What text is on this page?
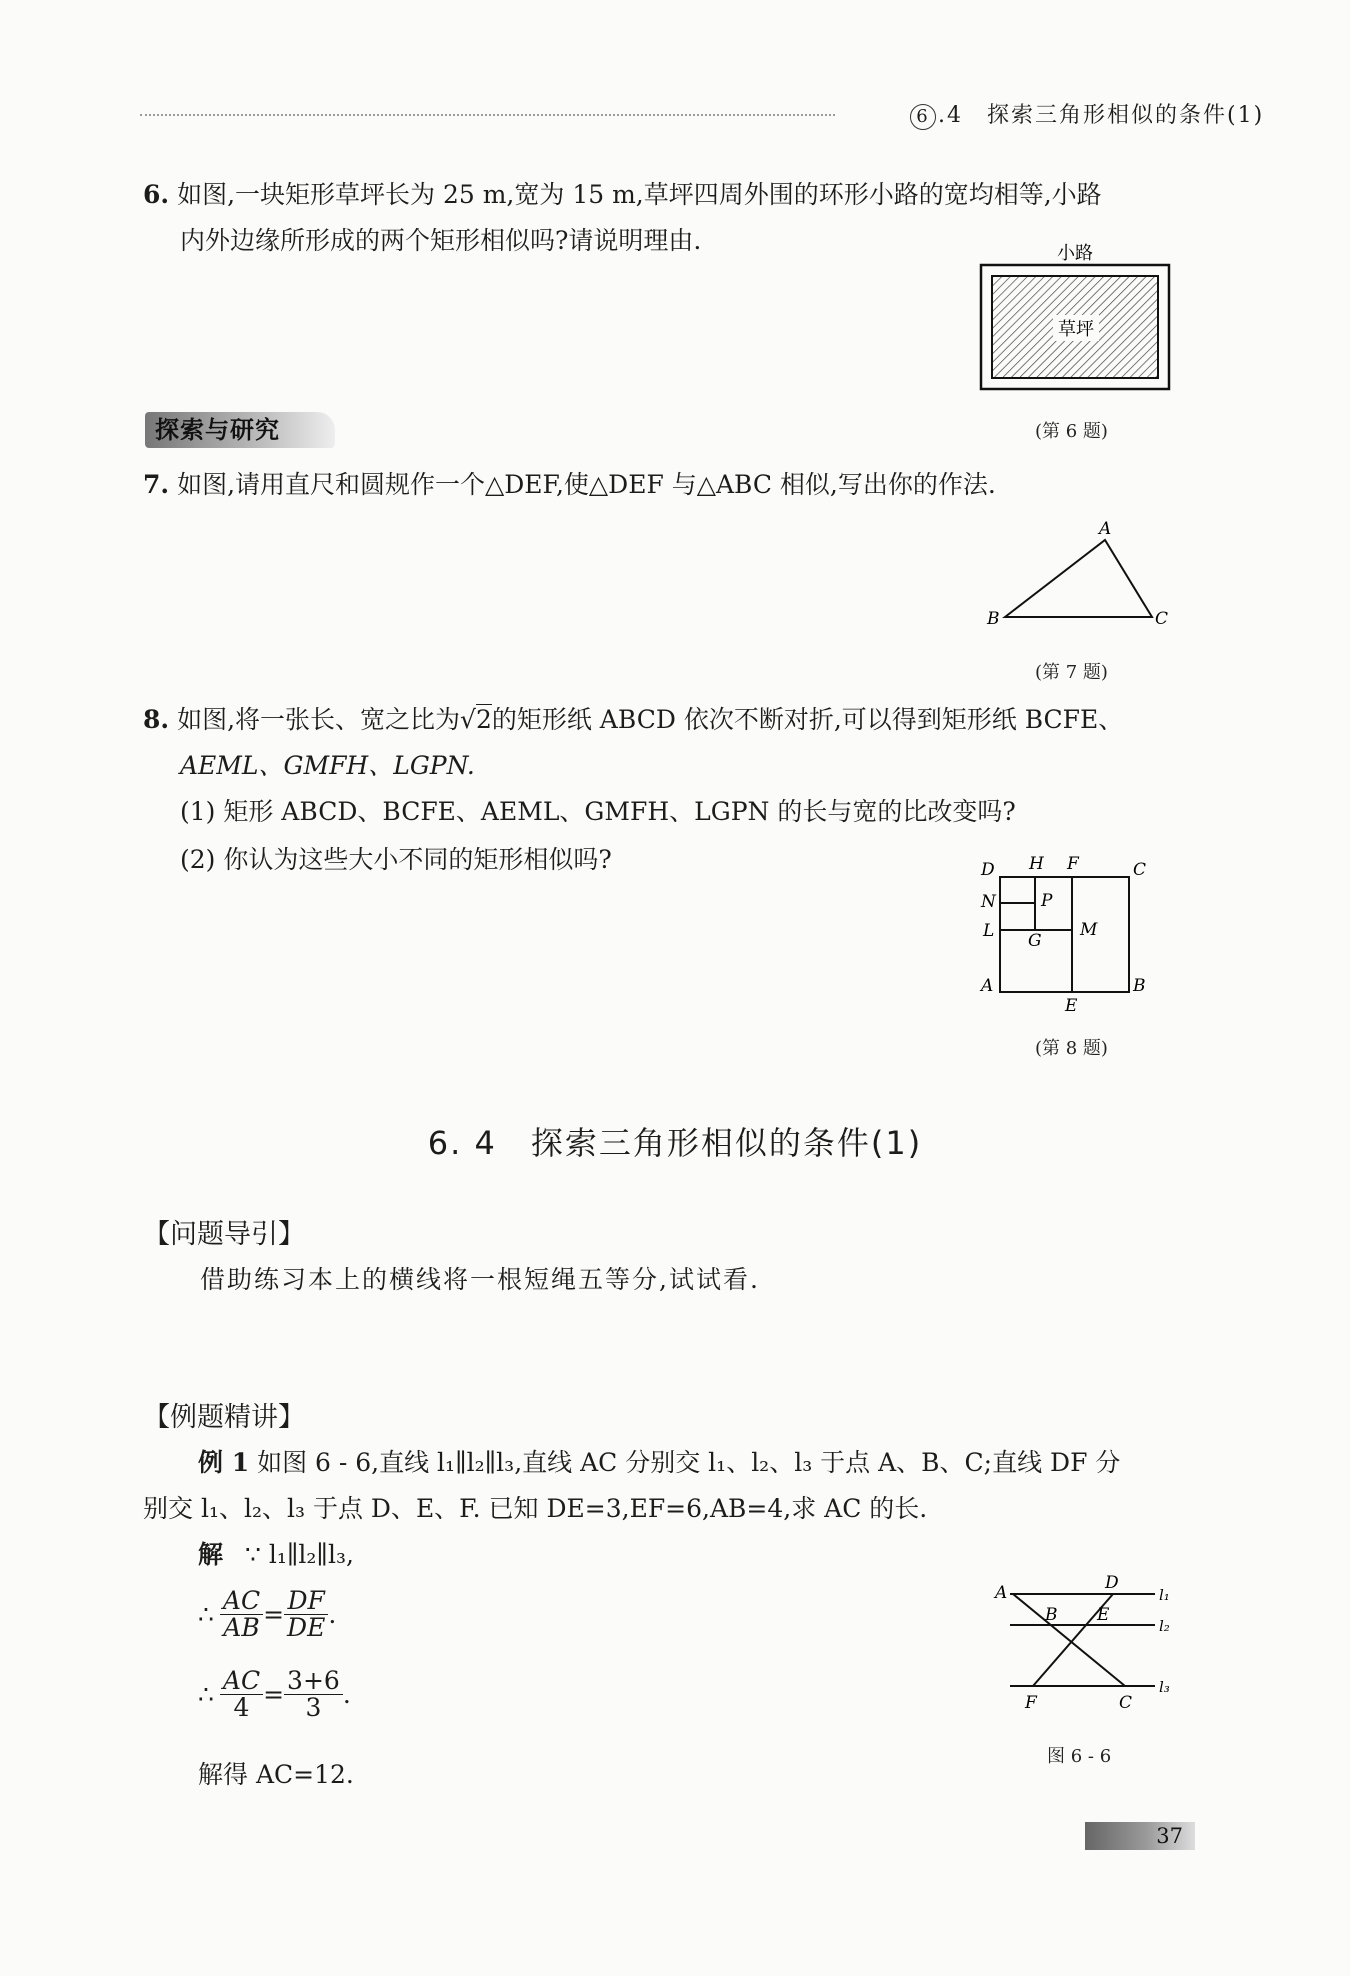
6 .4　探索三角形相似的条件(1)
6. 如图,一块矩形草坪长为 25 m,宽为 15 m,草坪四周外围的环形小路的宽均相等,小路
内外边缘所形成的两个矩形相似吗?请说明理由.	小路
草坪
(第 6 题)
探索与研究
7. 如图,请用直尺和圆规作一个△DEF,使△DEF 与△ABC 相似,写出你的作法.
A
B	C
(第 7 题)
8. 如图,将一张长、宽之比为√2的矩形纸 ABCD 依次不断对折,可以得到矩形纸 BCFE、
AEML、GMFH、LGPN.
(1) 矩形 ABCD、BCFE、AEML、GMFH、LGPN 的长与宽的比改变吗?
(2) 你认为这些大小不同的矩形相似吗?	D H F	C
N	P
L G
M
A
E
B
(第 8 题)
6. 4　探索三角形相似的条件(1)
【问题导引】
借助练习本上的横线将一根短绳五等分,试试看.
【例题精讲】
例 1 如图 6 - 6,直线 l₁∥l₂∥l₃,直线 AC 分别交 l₁、l₂、l₃ 于点 A、B、C;直线 DF 分
别交 l₁、l₂、l₃ 于点 D、E、F. 已知 DE=3,EF=6,AB=4,求 AC 的长.
解 ∵ l₁∥l₂∥l₃,
∴ $\frac{AC}{AB} = \frac{DF}{DE}$ .
∴ $\frac{AC}{4} = \frac{3+6}{3}$ .
解得 AC=12.
A	D
l₁
B E
l₂
F	C
l₃
图 6 - 6
37
